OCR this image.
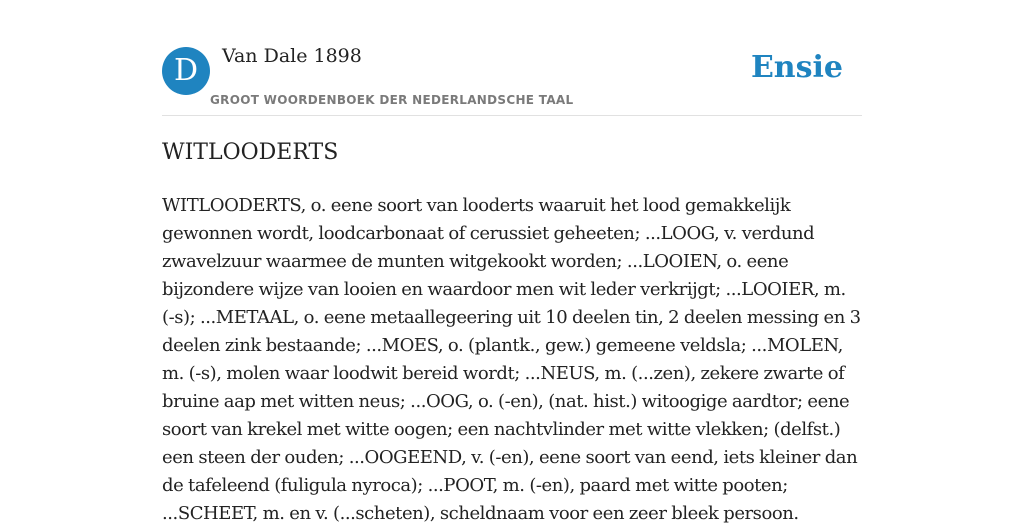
D	Van Dale 1898
GROOT WOORDENBOEK DER NEDERLANDSCHE TAAL
Ensie
WITLOODERTS

WITLOODERTS, o. eene soort van looderts waaruit het lood gemakkelijk gewonnen wordt, loodcarbonaat of cerussiet geheeten; ...LOOG, v. verdund zwavelzuur waarmee de munten witgekookt worden; ...LOOIEN, o. eene bijzondere wijze van looien en waardoor men wit leder verkrijgt; ...LOOIER, m. (-s); ...METAAL, o. eene metaallegeering uit 10 deelen tin, 2 deelen messing en 3 deelen zink bestaande; ...MOES, o. (plantk., gew.) gemeene veldsla; ...MOLEN, m. (-s), molen waar loodwit bereid wordt; ...NEUS, m. (...zen), zekere zwarte of bruine aap met witten neus; ...OOG, o. (-en), (nat. hist.) witoogige aardtor; eene soort van krekel met witte oogen; een nachtvlinder met witte vlekken; (delfst.) een steen der ouden; ...OOGEEND, v. (-en), eene soort van eend, iets kleiner dan de tafeleend (fuligula nyroca); ...POOT, m. (-en), paard met witte pooten; ...SCHEET, m. en v. (...scheten), scheldnaam voor een zeer bleek persoon.
